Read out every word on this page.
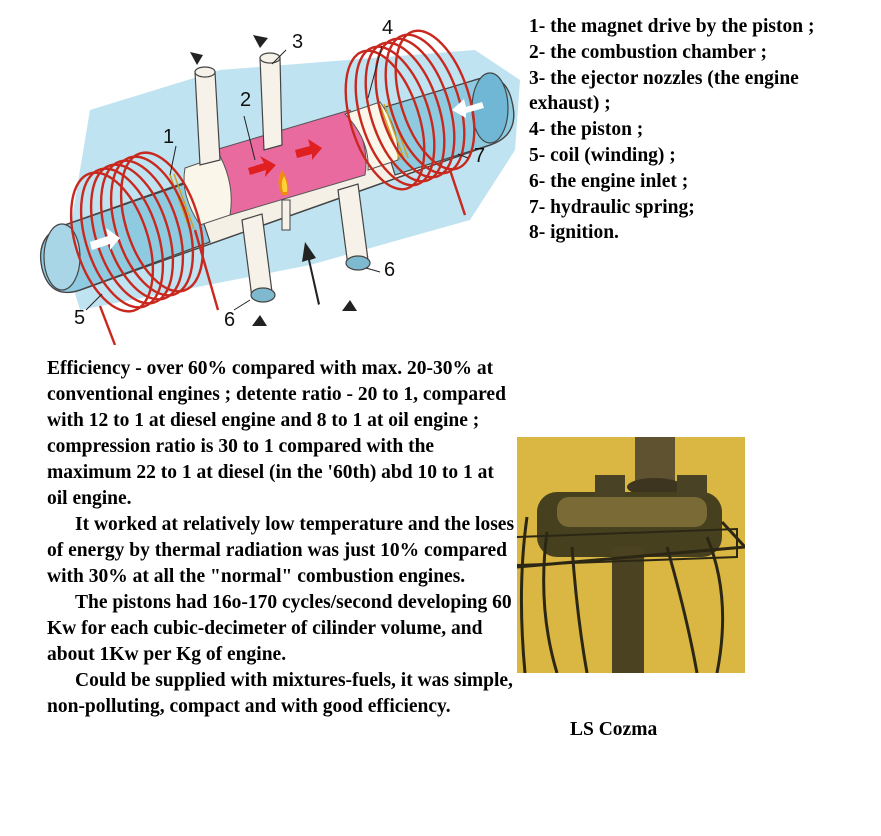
1
2
3
4
5	6
6
7
1- the magnet drive by the piston ;
2- the combustion chamber ;
3- the ejector nozzles (the engine
exhaust) ;
4- the piston ;
5- coil (winding) ;
6- the engine inlet ;
7- hydraulic spring;
8- ignition.

Efficiency - over 60% compared with max. 20-30% at conventional engines ; detente ratio - 20 to 1, compared with 12 to 1 at diesel engine and 8 to 1 at oil engine ; compression ratio is 30 to 1 compared with the maximum 22 to 1 at diesel (in the '60th) abd 10 to 1 at oil engine.

It worked at relatively low temperature and the loses of energy by thermal radiation was just 10% compared with 30% at all the "normal" combustion engines.

The pistons had 16o-170 cycles/second developing 60 Kw for each cubic-decimeter of cilinder volume, and about 1Kw per Kg of engine.

Could be supplied with mixtures-fuels, it was simple, non-polluting, compact and with good efficiency.

LS Cozma
